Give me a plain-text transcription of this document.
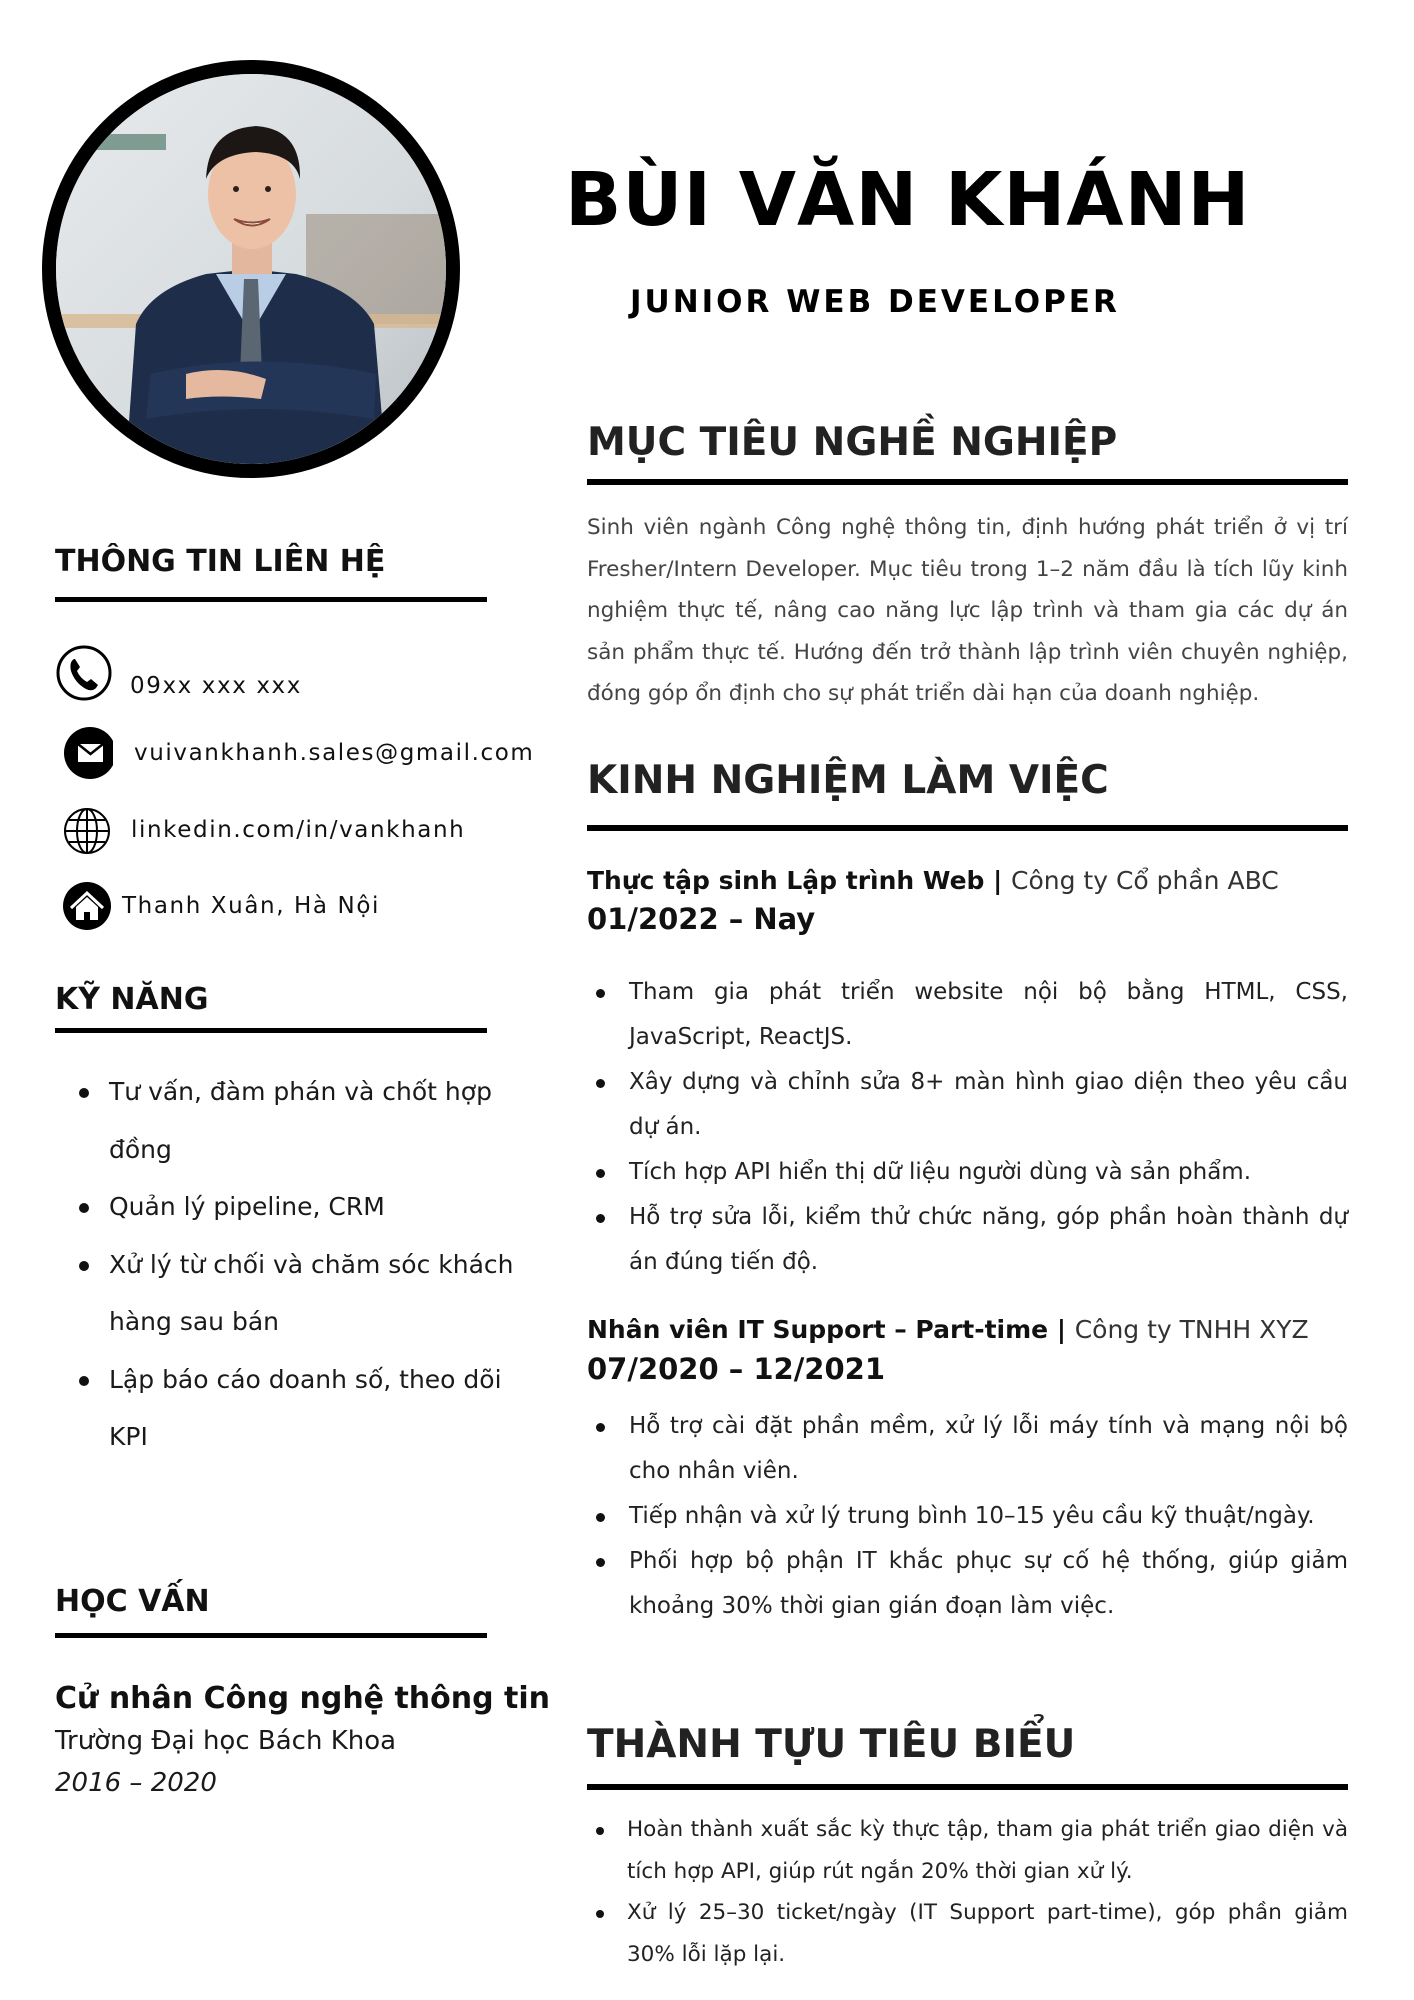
BÙI VĂN KHÁNH
JUNIOR WEB DEVELOPER
THÔNG TIN LIÊN HỆ
09xx xxx xxx
vuivankhanh.sales@gmail.com
linkedin.com/in/vankhanh
Thanh Xuân, Hà Nội
KỸ NĂNG
Tư vấn, đàm phán và chốt hợp đồng
Quản lý pipeline, CRM
Xử lý từ chối và chăm sóc khách hàng sau bán
Lập báo cáo doanh số, theo dõi KPI
HỌC VẤN
Cử nhân Công nghệ thông tin
Trường Đại học Bách Khoa
2016 – 2020
MỤC TIÊU NGHỀ NGHIỆP

Sinh viên ngành Công nghệ thông tin, định hướng phát triển ở vị trí Fresher/Intern Developer. Mục tiêu trong 1–2 năm đầu là tích lũy kinh nghiệm thực tế, nâng cao năng lực lập trình và tham gia các dự án sản phẩm thực tế. Hướng đến trở thành lập trình viên chuyên nghiệp, đóng góp ổn định cho sự phát triển dài hạn của doanh nghiệp.

KINH NGHIỆM LÀM VIỆC
Thực tập sinh Lập trình Web | Công ty Cổ phần ABC
01/2022 – Nay
Tham gia phát triển website nội bộ bằng HTML, CSS, JavaScript, ReactJS.
Xây dựng và chỉnh sửa 8+ màn hình giao diện theo yêu cầu dự án.
Tích hợp API hiển thị dữ liệu người dùng và sản phẩm.
Hỗ trợ sửa lỗi, kiểm thử chức năng, góp phần hoàn thành dự án đúng tiến độ.
Nhân viên IT Support – Part-time | Công ty TNHH XYZ
07/2020 – 12/2021
Hỗ trợ cài đặt phần mềm, xử lý lỗi máy tính và mạng nội bộ cho nhân viên.
Tiếp nhận và xử lý trung bình 10–15 yêu cầu kỹ thuật/ngày.
Phối hợp bộ phận IT khắc phục sự cố hệ thống, giúp giảm khoảng 30% thời gian gián đoạn làm việc.
THÀNH TỰU TIÊU BIỂU
Hoàn thành xuất sắc kỳ thực tập, tham gia phát triển giao diện và tích hợp API, giúp rút ngắn 20% thời gian xử lý.
Xử lý 25–30 ticket/ngày (IT Support part-time), góp phần giảm 30% lỗi lặp lại.
